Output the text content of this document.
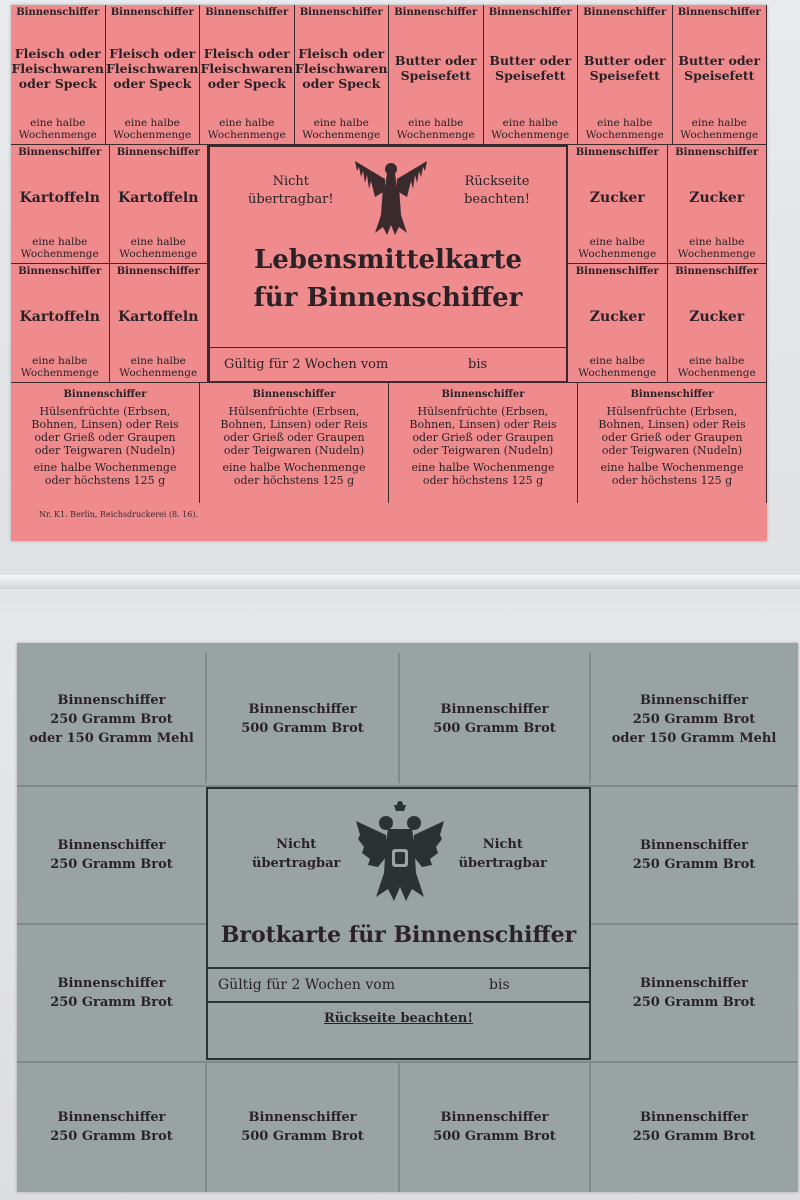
Binnenschiffer
Fleisch oder
Fleischwaren
oder Speck
eine halbe
Wochenmenge
Binnenschiffer
Fleisch oder
Fleischwaren
oder Speck
eine halbe
Wochenmenge
Binnenschiffer
Fleisch oder
Fleischwaren
oder Speck
eine halbe
Wochenmenge
Binnenschiffer
Fleisch oder
Fleischwaren
oder Speck
eine halbe
Wochenmenge
Binnenschiffer
Butter oder
Speisefett
eine halbe
Wochenmenge
Binnenschiffer
Butter oder
Speisefett
eine halbe
Wochenmenge
Binnenschiffer
Butter oder
Speisefett
eine halbe
Wochenmenge
Binnenschiffer
Butter oder
Speisefett
eine halbe
Wochenmenge
Binnenschiffer
Kartoffeln
eine halbe
Wochenmenge
Binnenschiffer
Kartoffeln
eine halbe
Wochenmenge
Binnenschiffer
Kartoffeln
eine halbe
Wochenmenge
Binnenschiffer
Kartoffeln
eine halbe
Wochenmenge
Binnenschiffer
Zucker
eine halbe
Wochenmenge
Binnenschiffer
Zucker
eine halbe
Wochenmenge
Binnenschiffer
Zucker
eine halbe
Wochenmenge
Binnenschiffer
Zucker
eine halbe
Wochenmenge
Binnenschiffer
Hülsenfrüchte (Erbsen,
Bohnen, Linsen) oder Reis
oder Grieß oder Graupen
oder Teigwaren (Nudeln)
eine halbe Wochenmenge
oder höchstens 125 g
Binnenschiffer
Hülsenfrüchte (Erbsen,
Bohnen, Linsen) oder Reis
oder Grieß oder Graupen
oder Teigwaren (Nudeln)
eine halbe Wochenmenge
oder höchstens 125 g
Binnenschiffer
Hülsenfrüchte (Erbsen,
Bohnen, Linsen) oder Reis
oder Grieß oder Graupen
oder Teigwaren (Nudeln)
eine halbe Wochenmenge
oder höchstens 125 g
Binnenschiffer
Hülsenfrüchte (Erbsen,
Bohnen, Linsen) oder Reis
oder Grieß oder Graupen
oder Teigwaren (Nudeln)
eine halbe Wochenmenge
oder höchstens 125 g
Nr. K1. Berlin, Reichsdruckerei (8. 16).
Nicht
übertragbar!
Rückseite
beachten!
Lebensmittelkarte
für Binnenschiffer
Gültig für 2 Wochen vom	bis
Binnenschiffer
250 Gramm Brot
oder 150 Gramm Mehl
Binnenschiffer
500 Gramm Brot
Binnenschiffer
500 Gramm Brot
Binnenschiffer
250 Gramm Brot
oder 150 Gramm Mehl
Binnenschiffer
250 Gramm Brot
Binnenschiffer
250 Gramm Brot
Binnenschiffer
250 Gramm Brot
Binnenschiffer
250 Gramm Brot
Binnenschiffer
250 Gramm Brot
Binnenschiffer
500 Gramm Brot
Binnenschiffer
500 Gramm Brot
Binnenschiffer
250 Gramm Brot
Nicht
übertragbar
Nicht
übertragbar
Brotkarte für Binnenschiffer
Gültig für 2 Wochen vom	bis
Rückseite beachten!
